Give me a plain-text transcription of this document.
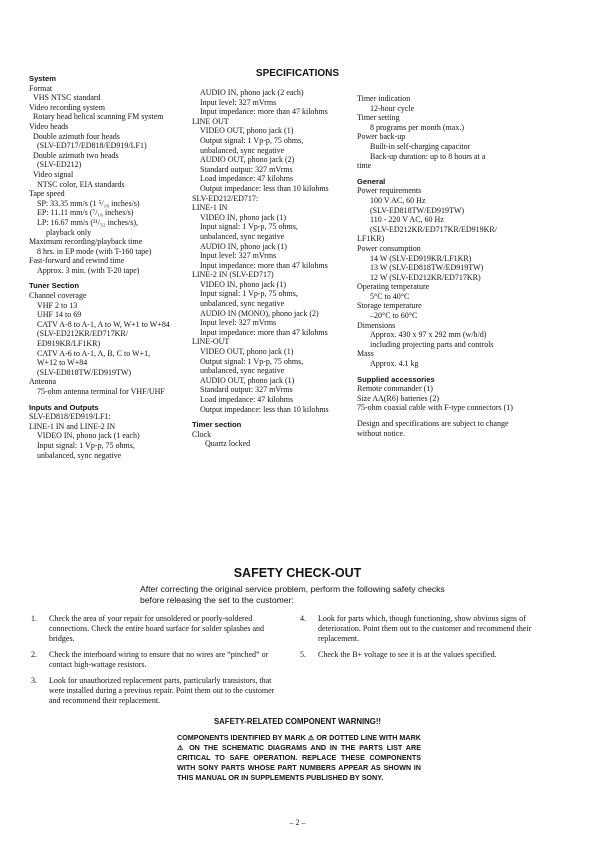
SPECIFICATIONS
System
Format
VHS NTSC standard
Video recording system
Rotary head helical scanning FM system
Video heads
Double azimuth four heads
(SLV-ED717/ED818/ED919/LF1)
Double azimuth two heads
(SLV-ED212)
Video signal
NTSC color, EIA standards
Tape speed
SP: 33.35 mm/s (1 ⁵/₁₆ inches/s)
EP: 11.11 mm/s (⁷/₁₆ inches/s)
LP: 16.67 mm/s (²¹/₃₂ inches/s),
playback only
Maximum recording/playback time
8 hrs. in EP mode (with T-160 tape)
Fast-forward and rewind time
Approx. 3 min. (with T-20 tape)
Tuner Section
Channel coverage
VHF 2 to 13
UHF 14 to 69
CATV A-8 to A-1, A to W, W+1 to W+84
(SLV-ED212KR/ED717KR/
ED919KR/LF1KR)
CATV A-6 to A-1, A, B, C to W+1,
W+12 to W+84
(SLV-ED818TW/ED919TW)
Antenna
75-ohm antenna terminal for VHF/UHF
Inputs and Outputs
SLV-ED818/ED919/LF1:
LINE-1 IN and LINE-2 IN
VIDEO IN, phono jack (1 each)
Input signal: 1 Vp-p, 75 ohms,
unbalanced, sync negative
AUDIO IN, phono jack (2 each)
Input level: 327 mVrms
Input impedance: more than 47 kilohms
LINE OUT
VIDEO OUT, phono jack (1)
Output signal: 1 Vp-p, 75 ohms,
unbalanced, sync negative
AUDIO OUT, phono jack (2)
Standard output: 327 mVrms
Load impedance: 47 kilohms
Output impedance: less than 10 kilohms
SLV-ED212/ED717:
LINE-1 IN
VIDEO IN, phono jack (1)
Input signal: 1 Vp-p, 75 ohms,
unbalanced, sync negative
AUDIO IN, phono jack (1)
Input level: 327 mVrms
Input impedance: more than 47 kilohms
LINE-2 IN (SLV-ED717)
VIDEO IN, phono jack (1)
Input signal: 1 Vp-p, 75 ohms,
unbalanced, sync negative
AUDIO IN (MONO), phono jack (2)
Input level: 327 mVrms
Input impedance: more than 47 kilohms
LINE-OUT
VIDEO OUT, phono jack (1)
Output signal: 1 Vp-p, 75 ohms,
unbalanced, sync negative
AUDIO OUT, phono jack (1)
Standard output: 327 mVrms
Load impedance: 47 kilohms
Output impedance: less than 10 kilohms
Timer section
Clock
Quartz locked
Timer indication
12-hour cycle
Timer setting
8 programs per month (max.)
Power back-up
Built-in self-charging capacitor
Back-up duration: up to 8 hours at a
time
General
Power requirements
100 V AC, 60 Hz
(SLV-ED818TW/ED919TW)
110 - 220 V AC, 60 Hz
(SLV-ED212KR/ED717KR/ED919KR/
LF1KR)
Power consumption
14 W (SLV-ED919KR/LF1KR)
13 W (SLV-ED818TW/ED919TW)
12 W (SLV-ED212KR/ED717KR)
Operating temperature
5°C to 40°C
Storage temperature
–20°C to 60°C
Dimensions
Approx. 430 x 97 x 292 mm (w/h/d)
including projecting parts and controls
Mass
Approx. 4.1 kg
Supplied accessories
Remote commander (1)
Size AA(R6) batteries (2)
75-ohm coaxial cable with F-type connectors (1)
Design and specifications are subject to change
without notice.
SAFETY CHECK-OUT
After correcting the original service problem, perform the following safety checks before releasing the set to the customer:
1.	Check the area of your repair for unsoldered or poorly-soldered connections. Check the entire board surface for solder splashes and bridges.
2.	Check the interboard wiring to ensure that no wires are “pinched” or contact high-wattage resistors.
3.	Look for unauthorized replacement parts, particularly transistors, that were installed during a previous repair. Point them out to the customer and recommend their replacement.
4.	Look for parts which, though functioning, show obvious signs of deterioration. Point them out to the customer and recommend their replacement.
5.	Check the B+ voltage to see it is at the values specified.
SAFETY-RELATED COMPONENT WARNING!!
COMPONENTS IDENTIFIED BY MARK ⚠ OR DOTTED LINE WITH MARK ⚠ ON THE SCHEMATIC DIAGRAMS AND IN THE PARTS LIST ARE CRITICAL TO SAFE OPERATION. REPLACE THESE COMPONENTS WITH SONY PARTS WHOSE PART NUMBERS APPEAR AS SHOWN IN THIS MANUAL OR IN SUPPLEMENTS PUBLISHED BY SONY.
– 2 –
